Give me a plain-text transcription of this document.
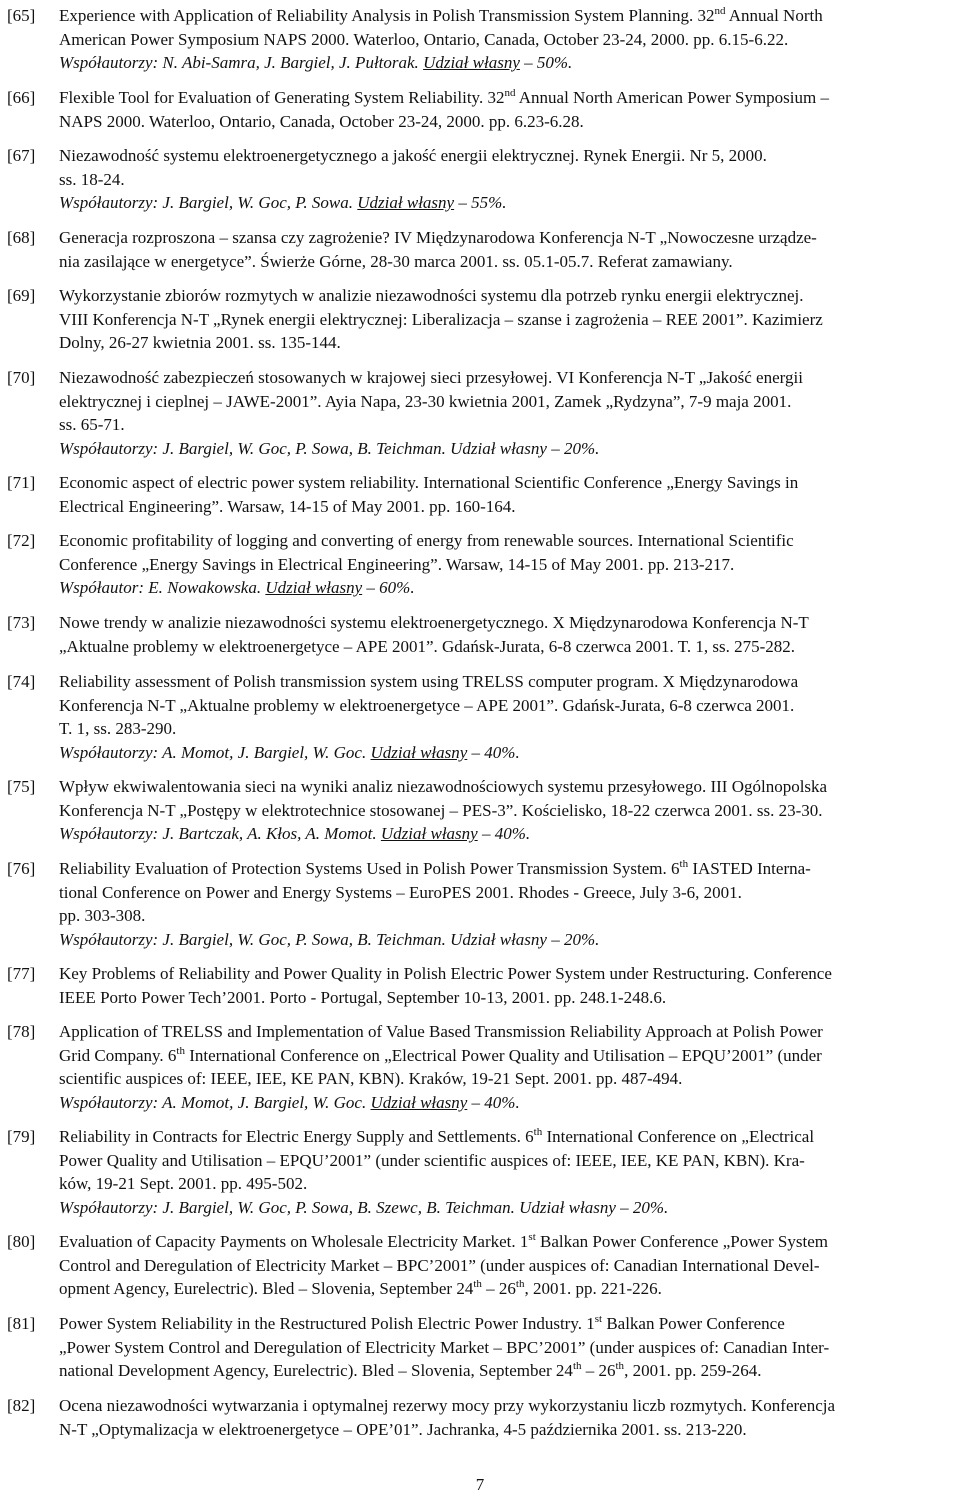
[65] Experience with Application of Reliability Analysis in Polish Transmission System Planning. 32nd Annual North
American Power Symposium NAPS 2000. Waterloo, Ontario, Canada, October 23-24, 2000. pp. 6.15-6.22.
Współautorzy: N. Abi-Samra, J. Bargiel, J. Pułtorak. Udział własny – 50%.
[66] Flexible Tool for Evaluation of Generating System Reliability. 32nd Annual North American Power Symposium –
NAPS 2000. Waterloo, Ontario, Canada, October 23-24, 2000. pp. 6.23-6.28.
[67] Niezawodność systemu elektroenergetycznego a jakość energii elektrycznej. Rynek Energii. Nr 5, 2000.
ss. 18-24.
Współautorzy: J. Bargiel, W. Goc, P. Sowa. Udział własny – 55%.
[68] Generacja rozproszona – szansa czy zagrożenie? IV Międzynarodowa Konferencja N-T „Nowoczesne urządze-
nia zasilające w energetyce”. Świerże Górne, 28-30 marca 2001. ss. 05.1-05.7. Referat zamawiany.
[69] Wykorzystanie zbiorów rozmytych w analizie niezawodności systemu dla potrzeb rynku energii elektrycznej.
VIII Konferencja N-T „Rynek energii elektrycznej: Liberalizacja – szanse i zagrożenia – REE 2001”. Kazimierz
Dolny, 26-27 kwietnia 2001. ss. 135-144.
[70] Niezawodność zabezpieczeń stosowanych w krajowej sieci przesyłowej. VI Konferencja N-T „Jakość energii
elektrycznej i cieplnej – JAWE-2001”. Ayia Napa, 23-30 kwietnia 2001, Zamek „Rydzyna”, 7-9 maja 2001.
ss. 65-71.
Współautorzy: J. Bargiel, W. Goc, P. Sowa, B. Teichman. Udział własny – 20%.
[71] Economic aspect of electric power system reliability. International Scientific Conference „Energy Savings in
Electrical Engineering”. Warsaw, 14-15 of May 2001. pp. 160-164.
[72] Economic profitability of logging and converting of energy from renewable sources. International Scientific
Conference „Energy Savings in Electrical Engineering”. Warsaw, 14-15 of May 2001. pp. 213-217.
Współautor: E. Nowakowska. Udział własny – 60%.
[73] Nowe trendy w analizie niezawodności systemu elektroenergetycznego. X Międzynarodowa Konferencja N-T
„Aktualne problemy w elektroenergetyce – APE 2001”. Gdańsk-Jurata, 6-8 czerwca 2001. T. 1, ss. 275-282.
[74] Reliability assessment of Polish transmission system using TRELSS computer program. X Międzynarodowa
Konferencja N-T „Aktualne problemy w elektroenergetyce – APE 2001”. Gdańsk-Jurata, 6-8 czerwca 2001.
T. 1, ss. 283-290.
Współautorzy: A. Momot, J. Bargiel, W. Goc. Udział własny – 40%.
[75] Wpływ ekwiwalentowania sieci na wyniki analiz niezawodnościowych systemu przesyłowego. III Ogólnopolska
Konferencja N-T „Postępy w elektrotechnice stosowanej – PES-3”. Kościelisko, 18-22 czerwca 2001. ss. 23-30.
Współautorzy: J. Bartczak, A. Kłos, A. Momot. Udział własny – 40%.
[76] Reliability Evaluation of Protection Systems Used in Polish Power Transmission System. 6th IASTED Interna-
tional Conference on Power and Energy Systems – EuroPES 2001. Rhodes - Greece, July 3-6, 2001.
pp. 303-308.
Współautorzy: J. Bargiel, W. Goc, P. Sowa, B. Teichman. Udział własny – 20%.
[77] Key Problems of Reliability and Power Quality in Polish Electric Power System under Restructuring. Conference
IEEE Porto Power Tech’2001. Porto - Portugal, September 10-13, 2001. pp. 248.1-248.6.
[78] Application of TRELSS and Implementation of Value Based Transmission Reliability Approach at Polish Power
Grid Company. 6th International Conference on „Electrical Power Quality and Utilisation – EPQU’2001” (under
scientific auspices of: IEEE, IEE, KE PAN, KBN). Kraków, 19-21 Sept. 2001. pp. 487-494.
Współautorzy: A. Momot, J. Bargiel, W. Goc. Udział własny – 40%.
[79] Reliability in Contracts for Electric Energy Supply and Settlements. 6th International Conference on „Electrical
Power Quality and Utilisation – EPQU’2001” (under scientific auspices of: IEEE, IEE, KE PAN, KBN). Kra-
ków, 19-21 Sept. 2001. pp. 495-502.
Współautorzy: J. Bargiel, W. Goc, P. Sowa, B. Szewc, B. Teichman. Udział własny – 20%.
[80] Evaluation of Capacity Payments on Wholesale Electricity Market. 1st Balkan Power Conference „Power System
Control and Deregulation of Electricity Market – BPC’2001” (under auspices of: Canadian International Devel-
opment Agency, Eurelectric). Bled – Slovenia, September 24th – 26th, 2001. pp. 221-226.
[81] Power System Reliability in the Restructured Polish Electric Power Industry. 1st Balkan Power Conference
„Power System Control and Deregulation of Electricity Market – BPC’2001” (under auspices of: Canadian Inter-
national Development Agency, Eurelectric). Bled – Slovenia, September 24th – 26th, 2001. pp. 259-264.
[82] Ocena niezawodności wytwarzania i optymalnej rezerwy mocy przy wykorzystaniu liczb rozmytych. Konferencja
N-T „Optymalizacja w elektroenergetyce – OPE’01”. Jachranka, 4-5 października 2001. ss. 213-220.
7
